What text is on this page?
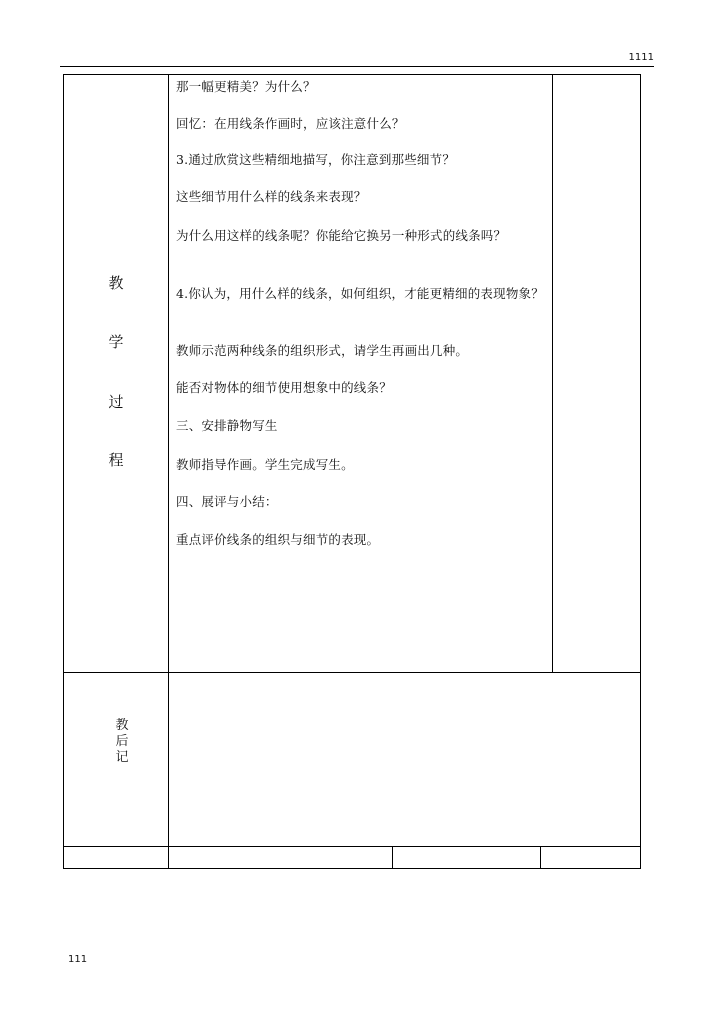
1111
教
学
过
程
那一幅更精美？为什么？
回忆：在用线条作画时，应该注意什么？
3.通过欣赏这些精细地描写，你注意到那些细节？
这些细节用什么样的线条来表现？
为什么用这样的线条呢？你能给它换另一种形式的线条吗？
4.你认为，用什么样的线条，如何组织，才能更精细的表现物象？
教师示范两种线条的组织形式，请学生再画出几种。
能否对物体的细节使用想象中的线条？
三、安排静物写生
教师指导作画。学生完成写生。
四、展评与小结：
重点评价线条的组织与细节的表现。
教后记
111
